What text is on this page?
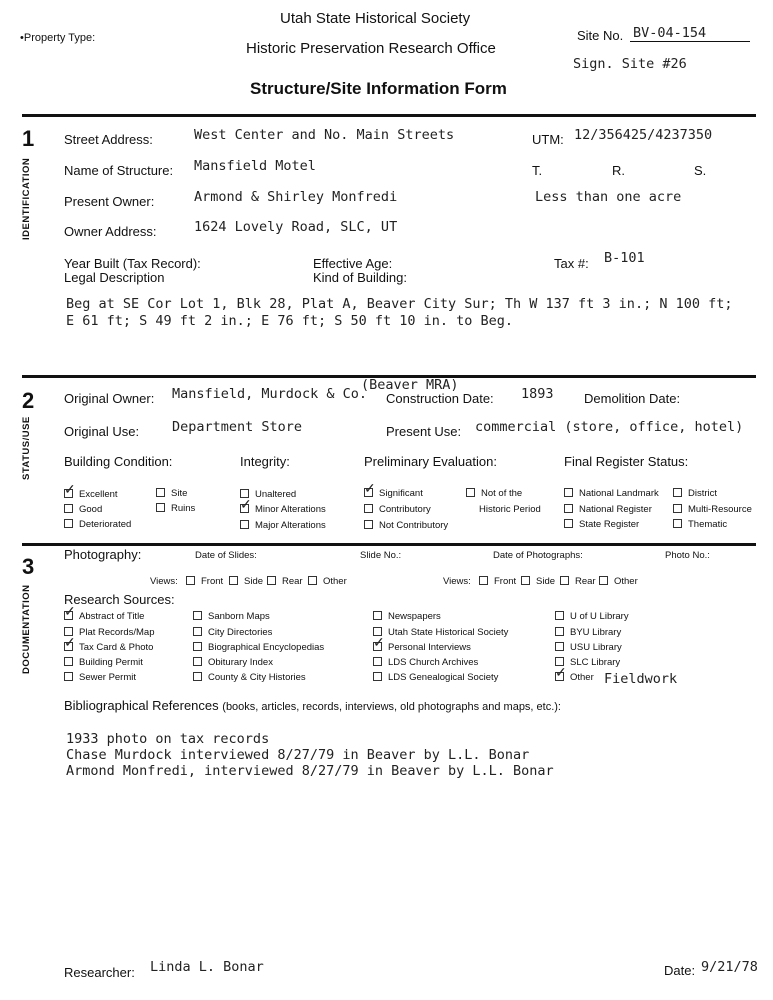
•Property Type:
Utah State Historical Society
Historic Preservation Research Office
Structure/Site Information Form
Site No. BV-04-154
Sign. Site #26
1
IDENTIFICATION
Street Address:	West Center and No. Main Streets	UTM: 12/356425/4237350
Name of Structure: Mansfield Motel	T.	R.	S.
Present Owner:	Armond & Shirley Monfredi	Less than one acre
Owner Address:	1624 Lovely Road, SLC, UT
Year Built (Tax Record):	Effective Age:	Tax #: B-101
Legal Description	Kind of Building:
Beg at SE Cor Lot 1, Blk 28, Plat A, Beaver City Sur; Th W 137 ft 3 in.; N 100 ft;
E 61 ft; S 49 ft 2 in.; E 76 ft; S 50 ft 10 in. to Beg.
2
STATUS/USE
Original Owner: Mansfield, Murdock & Co.
(Beaver MRA)
Construction Date: 1893 Demolition Date:
Original Use: Department Store	Present Use: commercial (store, office, hotel)
Building Condition:	Integrity:	Preliminary Evaluation:	Final Register Status:
✓Excellent
Good
Deteriorated
Site
Ruins
Unaltered
✓Minor Alterations
Major Alterations
✓Significant
Contributory
Not Contributory
Not of the
Historic Period
National Landmark
National Register
State Register
District
Multi-Resource
Thematic
3
DOCUMENTATION
Photography:	Date of Slides:	Slide No.:	Date of Photographs:	Photo No.:
Views:	Front	Side	Rear	Other	Views:	Front	Side	Rear	Other
Research Sources:
✓Abstract of Title
Plat Records/Map
✓Tax Card & Photo
Building Permit
Sewer Permit
Sanborn Maps
City Directories
Biographical Encyclopedias
Obiturary Index
County & City Histories
Newspapers
Utah State Historical Society
✓Personal Interviews
LDS Church Archives
LDS Genealogical Society
U of U Library
BYU Library
USU Library
SLC Library
✓Other Fieldwork
Bibliographical References (books, articles, records, interviews, old photographs and maps, etc.):
1933 photo on tax records
Chase Murdock interviewed 8/27/79 in Beaver by L.L. Bonar
Armond Monfredi, interviewed 8/27/79 in Beaver by L.L. Bonar
Researcher: Linda L. Bonar	Date: 9/21/78
